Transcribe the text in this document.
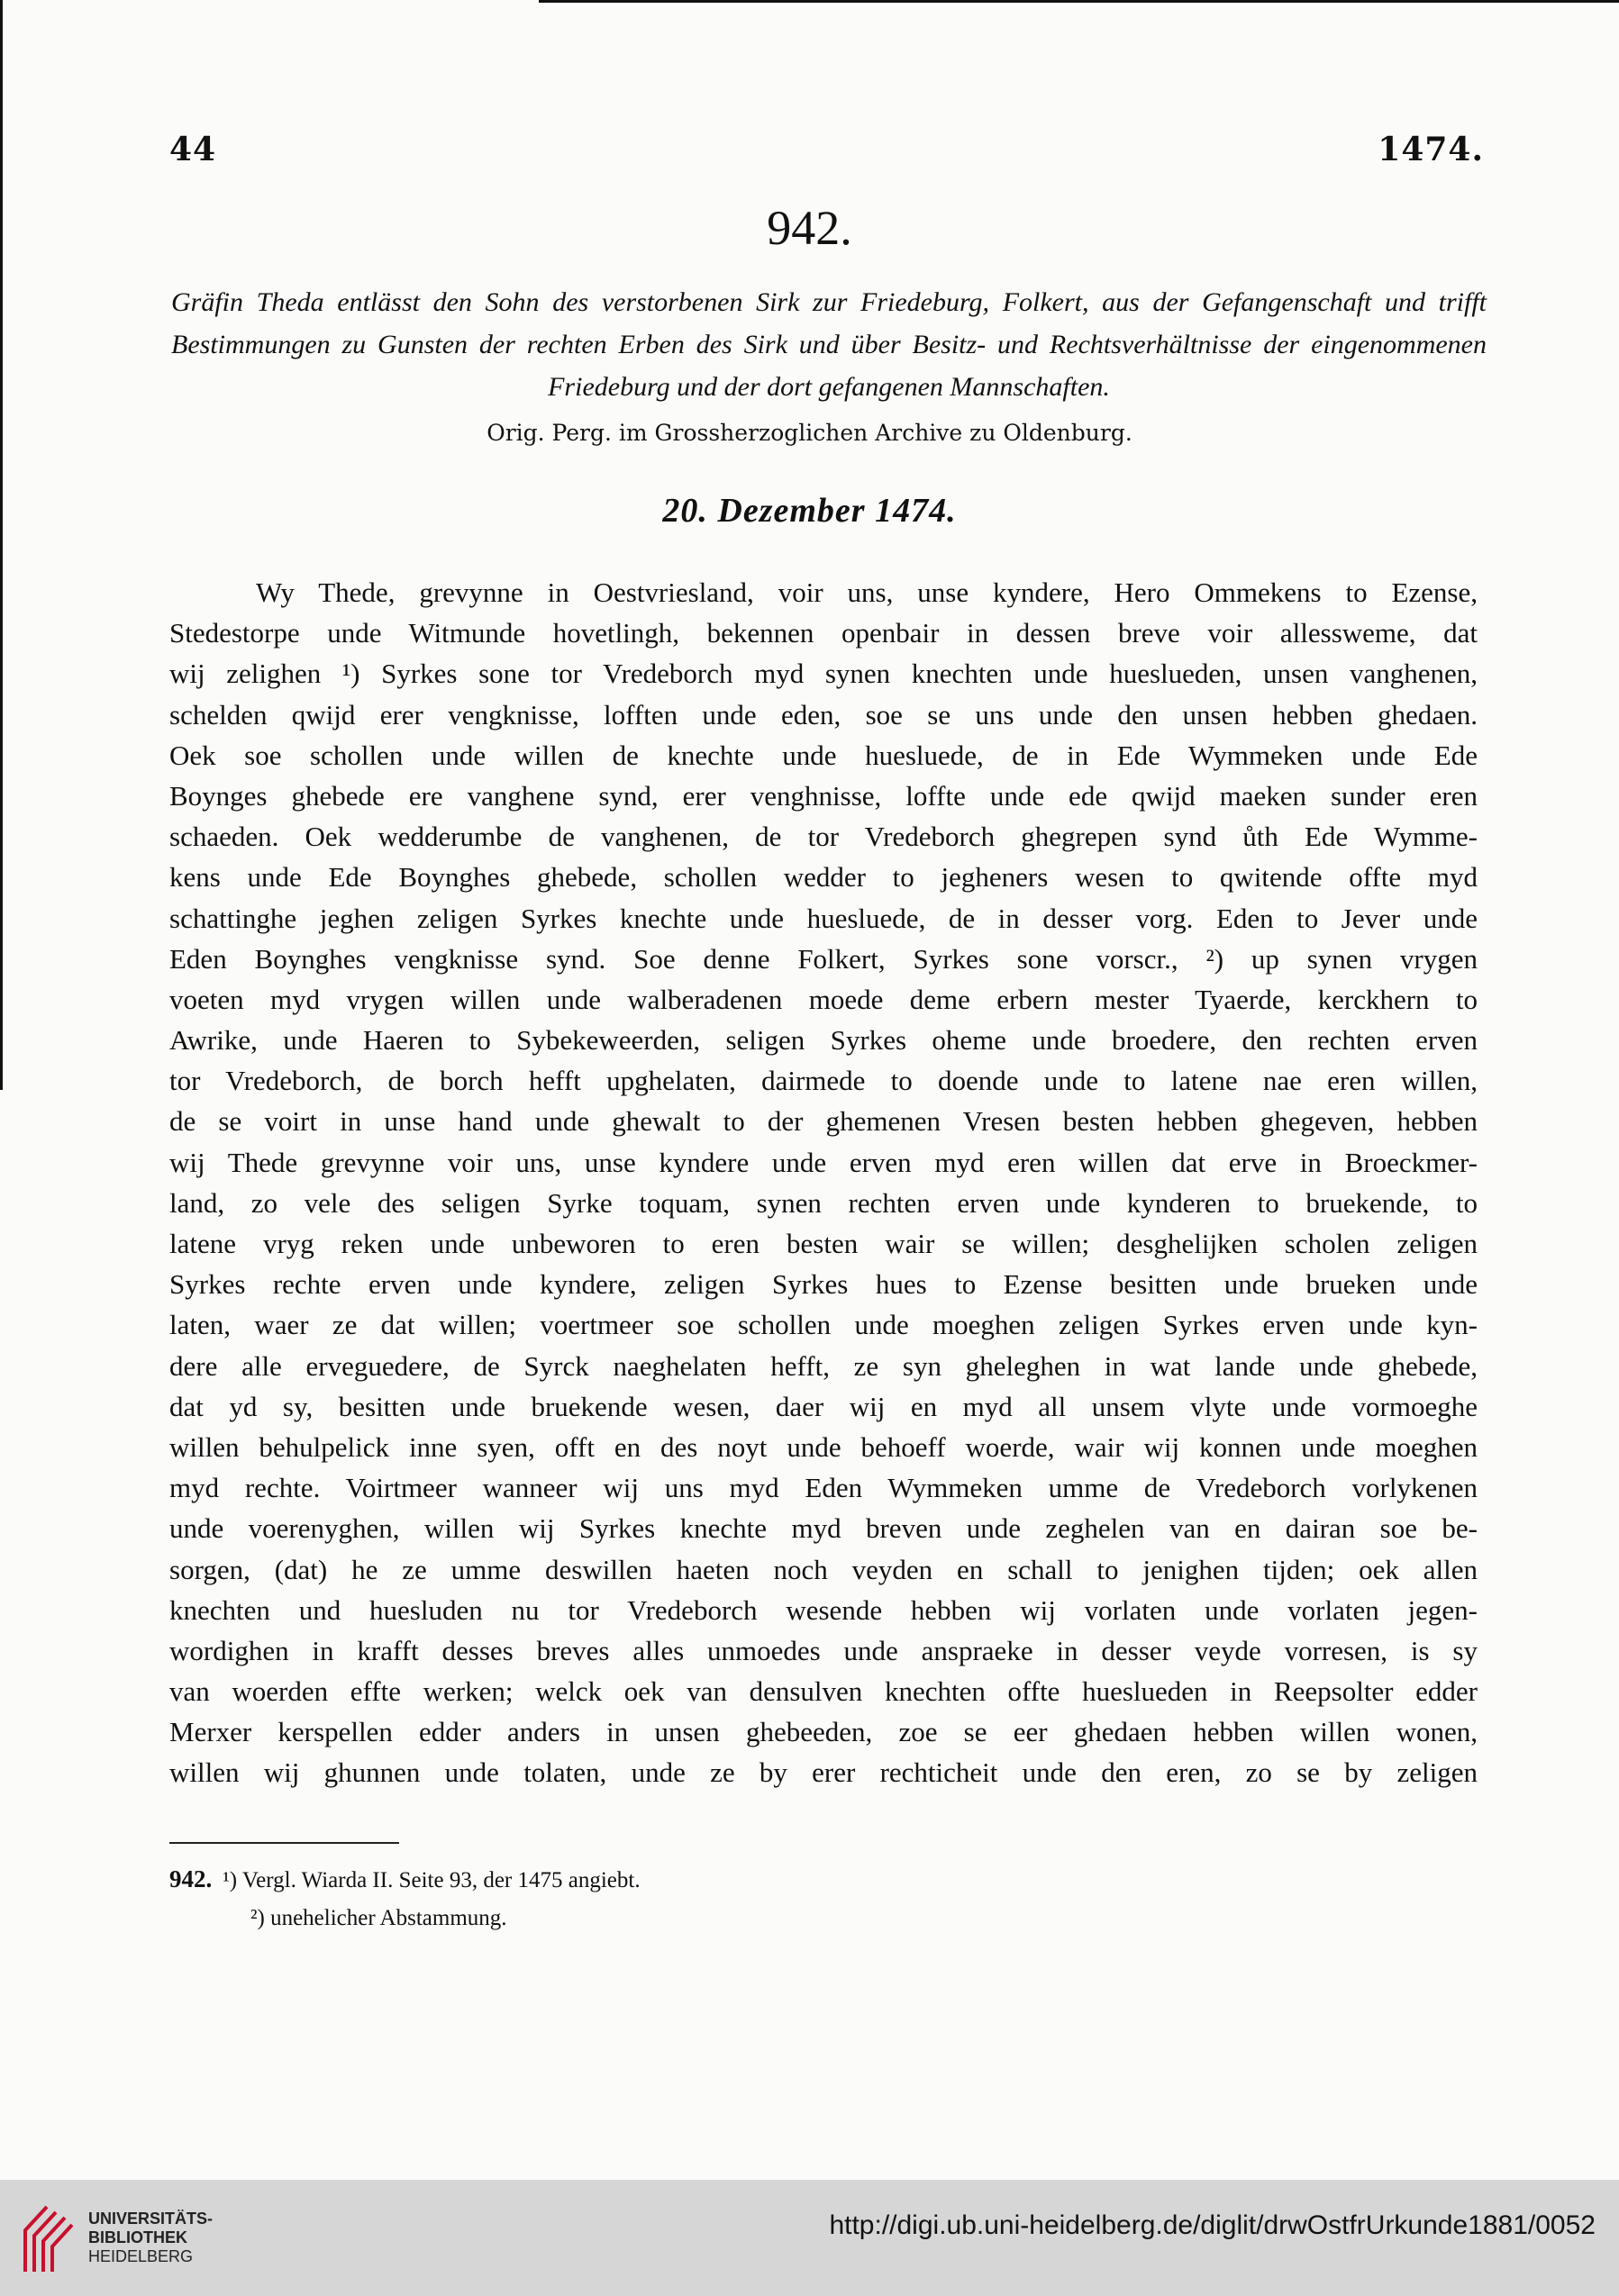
44	1474.
942.
Gräfin Theda entlässt den Sohn des verstorbenen Sirk zur Friedeburg, Folkert, aus der Gefangenschaft und trifft Bestimmungen zu Gunsten der rechten Erben des Sirk und über Besitz- und Rechtsverhältnisse der eingenommenen Friedeburg und der dort gefangenen Mannschaften.
Orig. Perg. im Grossherzoglichen Archive zu Oldenburg.
20. Dezember 1474.
Wy Thede, grevynne in Oestvriesland, voir uns, unse kyndere, Hero Ommekens to Ezense,
Stedestorpe unde Witmunde hovetlingh, bekennen openbair in dessen breve voir allessweme, dat
wij zelighen ¹) Syrkes sone tor Vredeborch myd synen knechten unde hueslueden, unsen vanghenen,
schelden qwijd erer vengknisse, lofften unde eden, soe se uns unde den unsen hebben ghedaen.
Oek soe schollen unde willen de knechte unde huesluede, de in Ede Wymmeken unde Ede
Boynges ghebede ere vanghene synd, erer venghnisse, loffte unde ede qwijd maeken sunder eren
schaeden. Oek wedderumbe de vanghenen, de tor Vredeborch ghegrepen synd ůth Ede Wymme-
kens unde Ede Boynghes ghebede, schollen wedder to jegheners wesen to qwitende offte myd
schattinghe jeghen zeligen Syrkes knechte unde huesluede, de in desser vorg. Eden to Jever unde
Eden Boynghes vengknisse synd. Soe denne Folkert, Syrkes sone vorscr., ²) up synen vrygen
voeten myd vrygen willen unde walberadenen moede deme erbern mester Tyaerde, kerckhern to
Awrike, unde Haeren to Sybekeweerden, seligen Syrkes oheme unde broedere, den rechten erven
tor Vredeborch, de borch hefft upghelaten, dairmede to doende unde to latene nae eren willen,
de se voirt in unse hand unde ghewalt to der ghemenen Vresen besten hebben ghegeven, hebben
wij Thede grevynne voir uns, unse kyndere unde erven myd eren willen dat erve in Broeckmer-
land, zo vele des seligen Syrke toquam, synen rechten erven unde kynderen to bruekende, to
latene vryg reken unde unbeworen to eren besten wair se willen; desghelijken scholen zeligen
Syrkes rechte erven unde kyndere, zeligen Syrkes hues to Ezense besitten unde brueken unde
laten, waer ze dat willen; voertmeer soe schollen unde moeghen zeligen Syrkes erven unde kyn-
dere alle erveguedere, de Syrck naeghelaten hefft, ze syn gheleghen in wat lande unde ghebede,
dat yd sy, besitten unde bruekende wesen, daer wij en myd all unsem vlyte unde vormoeghe
willen behulpelick inne syen, offt en des noyt unde behoeff woerde, wair wij konnen unde moeghen
myd rechte. Voirtmeer wanneer wij uns myd Eden Wymmeken umme de Vredeborch vorlykenen
unde voerenyghen, willen wij Syrkes knechte myd breven unde zeghelen van en dairan soe be-
sorgen, (dat) he ze umme deswillen haeten noch veyden en schall to jenighen tijden; oek allen
knechten und huesluden nu tor Vredeborch wesende hebben wij vorlaten unde vorlaten jegen-
wordighen in krafft desses breves alles unmoedes unde anspraeke in desser veyde vorresen, is sy
van woerden effte werken; welck oek van densulven knechten offte hueslueden in Reepsolter edder
Merxer kerspellen edder anders in unsen ghebeeden, zoe se eer ghedaen hebben willen wonen,
willen wij ghunnen unde tolaten, unde ze by erer rechticheit unde den eren, zo se by zeligen
942. ¹) Vergl. Wiarda II. Seite 93, der 1475 angiebt.
²) unehelicher Abstammung.
UNIVERSITÄTS-
BIBLIOTHEK
HEIDELBERG
http://digi.ub.uni-heidelberg.de/diglit/drwOstfrUrkunde1881/0052
